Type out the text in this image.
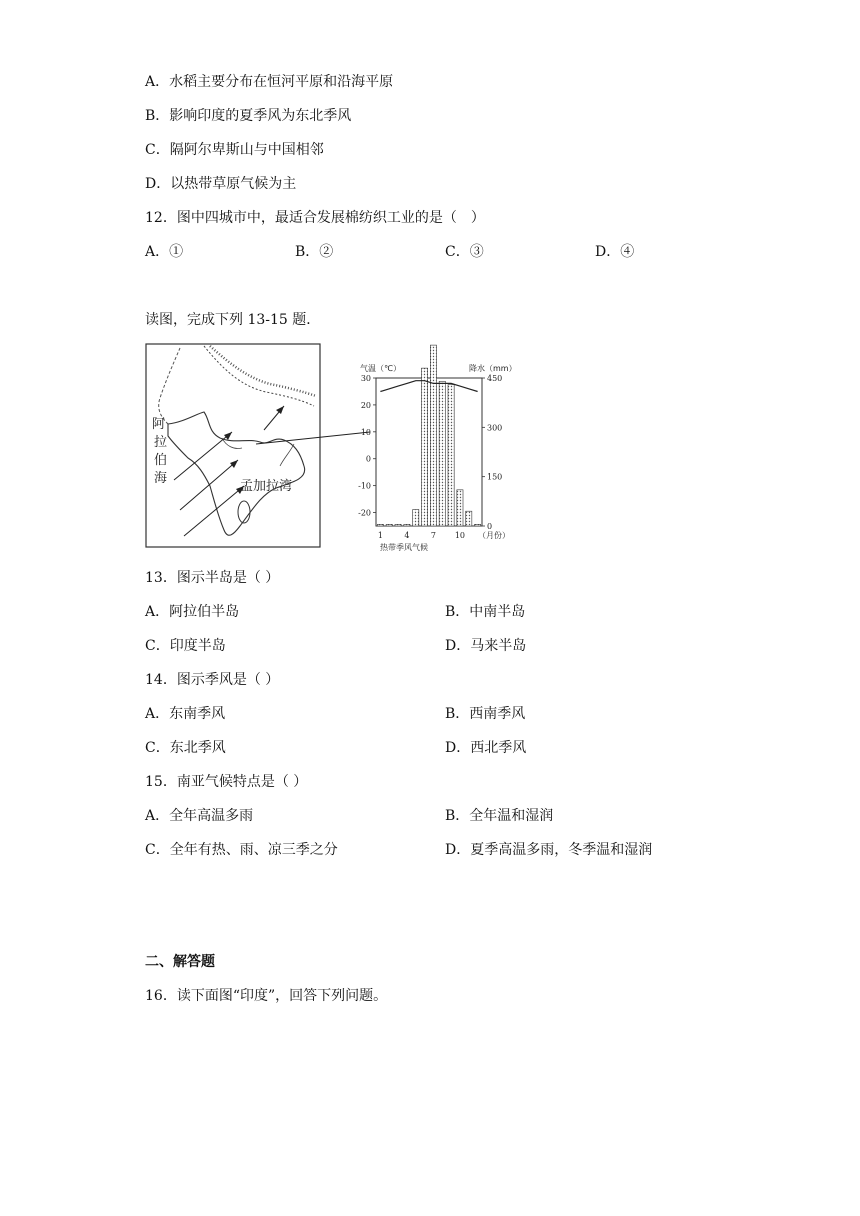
A．水稻主要分布在恒河平原和沿海平原
B．影响印度的夏季风为东北季风
C．隔阿尔卑斯山与中国相邻
D．以热带草原气候为主
12．图中四城市中，最适合发展棉纺织工业的是（　）
A．①	B．②	C．③	D．④
读图，完成下列 13-15 题．
阿
拉
伯
海
孟加拉湾
气温（℃）	降水（mm）
30
20
10
0
-10
-20
450
300
150
0
1	4	7 10 （月份）
热带季风气候
13．图示半岛是（ ）
A．阿拉伯半岛	B．中南半岛
C．印度半岛	D．马来半岛
14．图示季风是（ ）
A．东南季风	B．西南季风
C．东北季风	D．西北季风
15．南亚气候特点是（ ）
A．全年高温多雨	B．全年温和湿润
C．全年有热、雨、凉三季之分	D．夏季高温多雨，冬季温和湿润
二、解答题
16．读下面图“印度”，回答下列问题。
